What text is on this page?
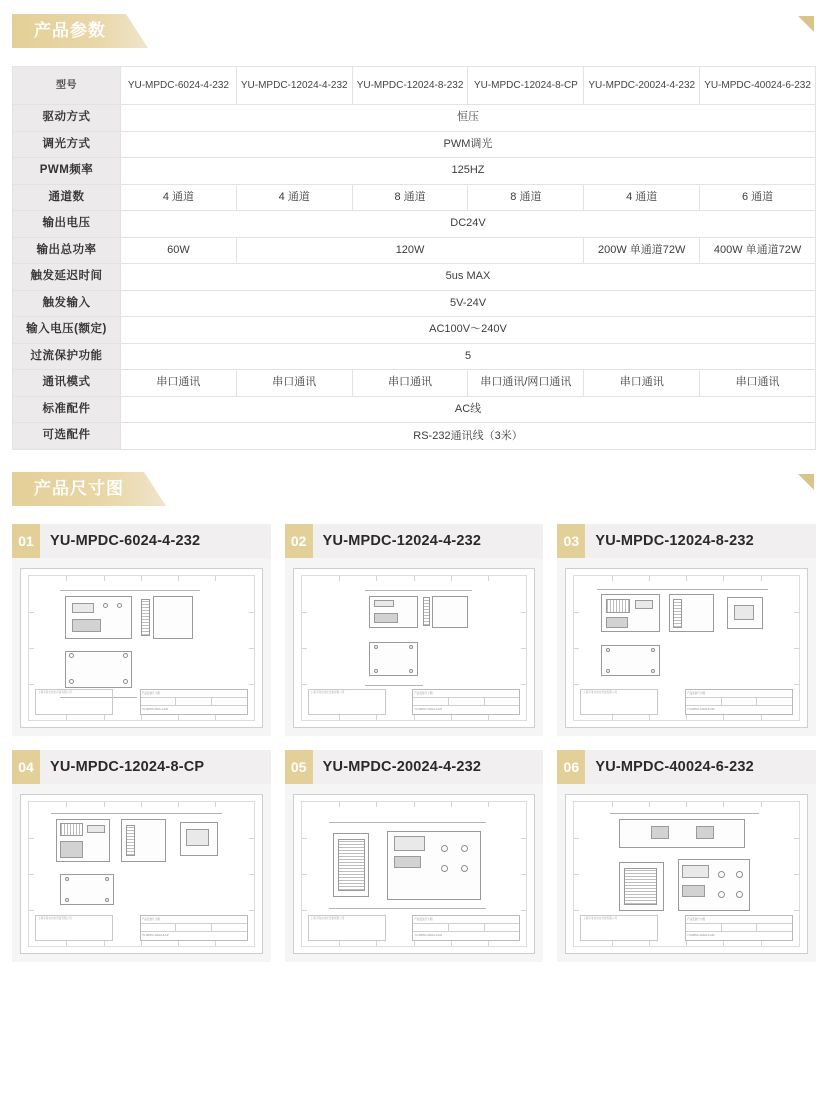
产品参数
型号	YU-MPDC-6024-4-232	YU-MPDC-12024-4-232	YU-MPDC-12024-8-232	YU-MPDC-12024-8-CP	YU-MPDC-20024-4-232	YU-MPDC-40024-6-232
驱动方式	恒压					
调光方式	PWM调光					
PWM频率	125HZ					
通道数	4 通道	4 通道	8 通道	8 通道	4 通道	6 通道
输出电压	DC24V					
输出总功率	60W	120W			200W 单通道72W	400W 单通道72W
触发延迟时间	5us MAX					
触发输入	5V-24V					
输入电压(额定)	AC100V～240V					
过流保护功能	5					
通讯模式	串口通讯	串口通讯	串口通讯	串口通讯/网口通讯	串口通讯	串口通讯
标准配件	AC线					
可选配件	RS-232通讯线（3米）					
产品尺寸图
01	YU-MPDC-6024-4-232
上海宇度自动化设备有限公司	产品安装尺寸图
YU-MPDC-6024-4-232
02	YU-MPDC-12024-4-232
上海宇度自动化设备有限公司	产品安装尺寸图
YU-MPDC-12024-4-232
03	YU-MPDC-12024-8-232
上海宇度自动化设备有限公司	产品安装尺寸图
YU-MPDC-12024-8-232
04	YU-MPDC-12024-8-CP
上海宇度自动化设备有限公司	产品安装尺寸图
YU-MPDC-12024-8-CP
05	YU-MPDC-20024-4-232
上海宇度自动化设备有限公司	产品安装尺寸图
YU-MPDC-20024-4-232
06	YU-MPDC-40024-6-232
上海宇度自动化设备有限公司	产品安装尺寸图
YU-MPDC-40024-6-232
